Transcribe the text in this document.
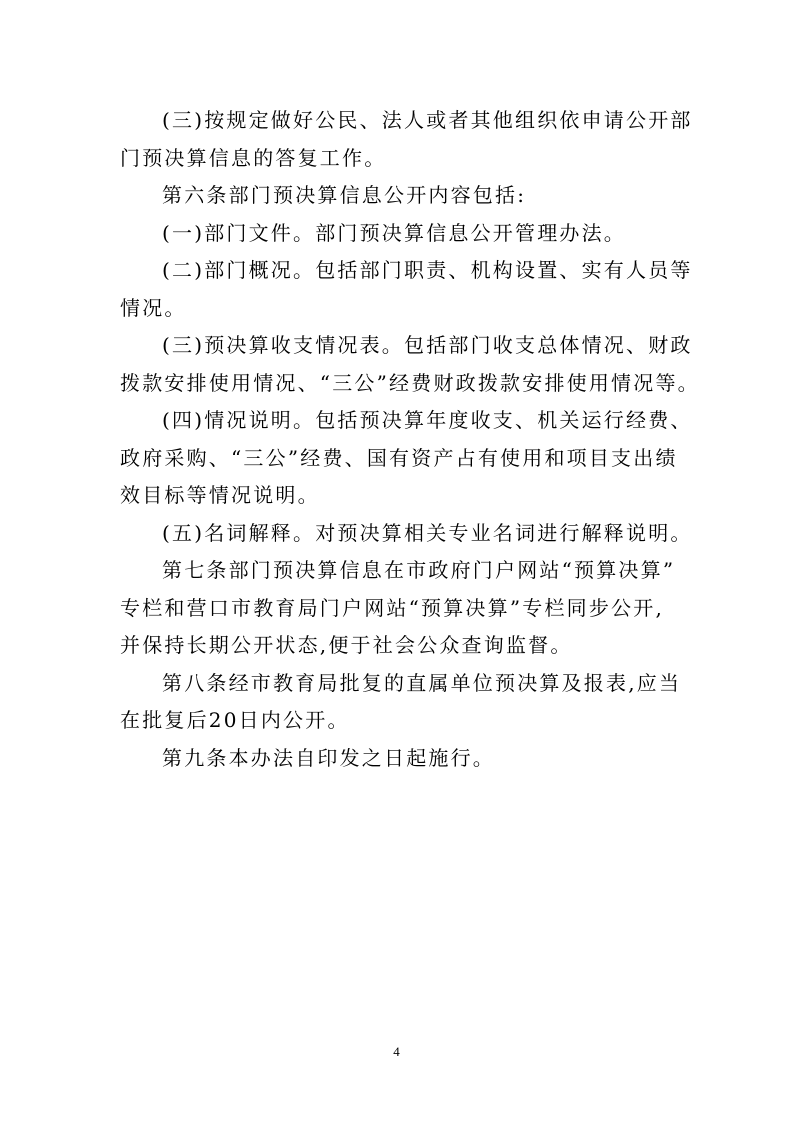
(三)按规定做好公民、法人或者其他组织依申请公开部
门预决算信息的答复工作。
第六条部门预决算信息公开内容包括:
(一)部门文件。部门预决算信息公开管理办法。
(二)部门概况。包括部门职责、机构设置、实有人员等
情况。
(三)预决算收支情况表。包括部门收支总体情况、财政
拨款安排使用情况、“三公”经费财政拨款安排使用情况等。
(四)情况说明。包括预决算年度收支、机关运行经费、
政府采购、“三公”经费、国有资产占有使用和项目支出绩
效目标等情况说明。
(五)名词解释。对预决算相关专业名词进行解释说明。
第七条部门预决算信息在市政府门户网站“预算决算”
专栏和营口市教育局门户网站“预算决算”专栏同步公开,
并保持长期公开状态,便于社会公众查询监督。
第八条经市教育局批复的直属单位预决算及报表,应当
在批复后20日内公开。
第九条本办法自印发之日起施行。
4
